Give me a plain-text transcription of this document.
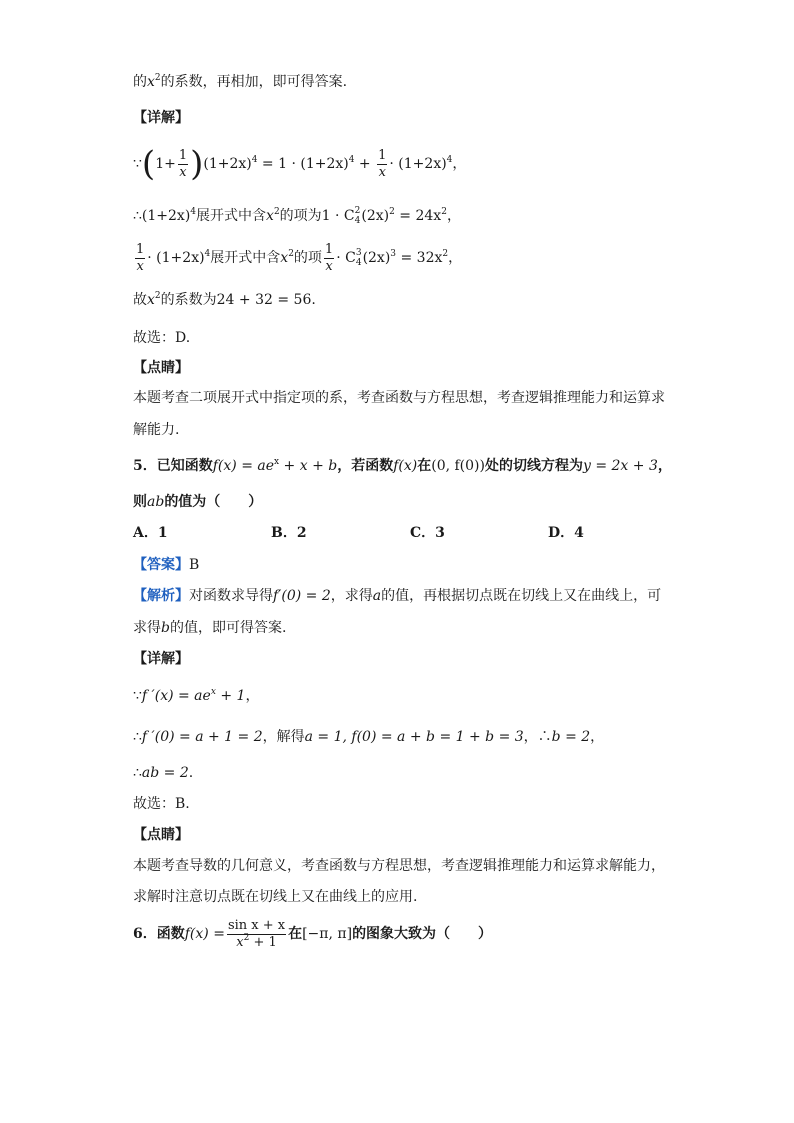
的$x^2$的系数，再相加，即可得答案.
【详解】
∵(1+ $\frac{1}{x} )(1+2x)^4 = 1 \cdot (1+2x)^4 + \frac{1}{x} \cdot (1+2x)^4$，
$\therefore(1+2x)^4$展开式中含$x^2$的项为1 · C 2
4 $(2x)^2 = 24x^2$，
$\frac{1}{x} \cdot (1+2x)^4$展开式中含$x^2$的项 $\frac{1}{x} \cdot C$ 3
4 $(2x)^3 = 32x^2$，
故$x^2$的系数为24 + 32 = 56.
故选：D.
【点睛】
本题考查二项展开式中指定项的系，考查函数与方程思想，考查逻辑推理能力和运算求
解能力.
5．已知函数$f(x) = ae^x + x + b$，若函数f(x)在(0, f(0))处的切线方程为y = 2x + 3，
则ab的值为（　　）
A．1	B．2	C．3	D．4
【答案】B
【解析】对函数求导得f′(0) = 2，求得a的值，再根据切点既在切线上又在曲线上，可
求得b的值，即可得答案.
【详解】
∵f $'(x) = ae^x + 1$，
∴f ′(0) = a + 1 = 2，解得a = 1, f(0) = a + b = 1 + b = 3，∴b = 2，
∴ab = 2.
故选：B.
【点睛】
本题考查导数的几何意义，考查函数与方程思想，考查逻辑推理能力和运算求解能力，
求解时注意切点既在切线上又在曲线上的应用.
6．函数$f(x) = \frac{\text{sin x + x}}{x^2 + 1}$ 在[−π, π]的图象大致为（　　）
